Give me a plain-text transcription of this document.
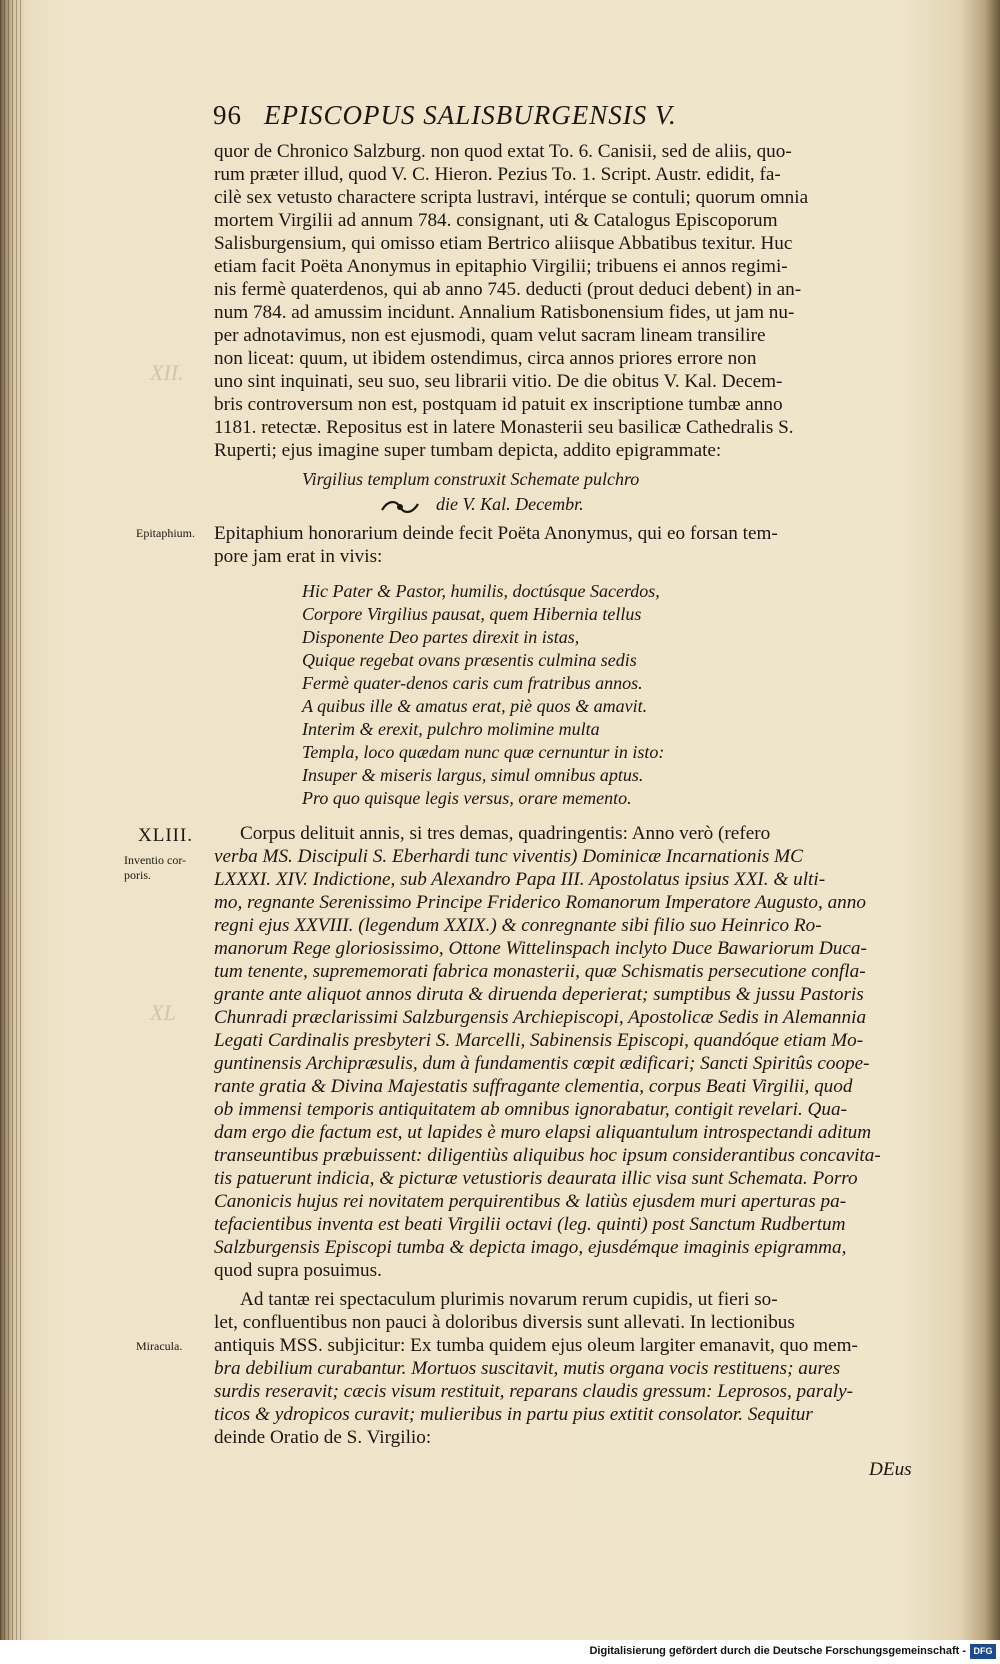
96 EPISCOPUS SALISBURGENSIS V.
XII.
XL
quor de Chronico Salzburg. non quod extat To. 6. Canisii, sed de aliis, quo-
rum præter illud, quod V. C. Hieron. Pezius To. 1. Script. Austr. edidit, fa-
cilè sex vetusto charactere scripta lustravi, intérque se contuli; quorum omnia
mortem Virgilii ad annum 784. consignant, uti & Catalogus Episcoporum
Salisburgensium, qui omisso etiam Bertrico aliisque Abbatibus texitur. Huc
etiam facit Poëta Anonymus in epitaphio Virgilii; tribuens ei annos regimi-
nis fermè quaterdenos, qui ab anno 745. deducti (prout deduci debent) in an-
num 784. ad amussim incidunt. Annalium Ratisbonensium fides, ut jam nu-
per adnotavimus, non est ejusmodi, quam velut sacram lineam transilire
non liceat: quum, ut ibidem ostendimus, circa annos priores errore non
uno sint inquinati, seu suo, seu librarii vitio. De die obitus V. Kal. Decem-
bris controversum non est, postquam id patuit ex inscriptione tumbæ anno
1181. retectæ. Repositus est in latere Monasterii seu basilicæ Cathedralis S.
Ruperti; ejus imagine super tumbam depicta, addito epigrammate:
Virgilius templum construxit Schemate pulchro
die V. Kal. Decembr.
Epitaphium. Epitaphium honorarium deinde fecit Poëta Anonymus, qui eo forsan tem-
pore jam erat in vivis:
Hic Pater & Pastor, humilis, doctúsque Sacerdos,
Corpore Virgilius pausat, quem Hibernia tellus
Disponente Deo partes direxit in istas,
Quique regebat ovans præsentis culmina sedis
Fermè quater-denos caris cum fratribus annos.
A quibus ille & amatus erat, piè quos & amavit.
Interim & erexit, pulchro molimine multa
Templa, loco quædam nunc quæ cernuntur in isto:
Insuper & miseris largus, simul omnibus aptus.
Pro quo quisque legis versus, orare memento.
XLIII.
Inventio cor-
poris.
Corpus delituit annis, si tres demas, quadringentis: Anno verò (refero
verba MS. Discipuli S. Eberhardi tunc viventis) Dominicæ Incarnationis MC
LXXXI. XIV. Indictione, sub Alexandro Papa III. Apostolatus ipsius XXI. & ulti-
mo, regnante Serenissimo Principe Friderico Romanorum Imperatore Augusto, anno
regni ejus XXVIII. (legendum XXIX.) & conregnante sibi filio suo Heinrico Ro-
manorum Rege gloriosissimo, Ottone Wittelinspach inclyto Duce Bawariorum Duca-
tum tenente, suprememorati fabrica monasterii, quæ Schismatis persecutione confla-
grante ante aliquot annos diruta & diruenda deperierat; sumptibus & jussu Pastoris
Chunradi præclarissimi Salzburgensis Archiepiscopi, Apostolicæ Sedis in Alemannia
Legati Cardinalis presbyteri S. Marcelli, Sabinensis Episcopi, quandóque etiam Mo-
guntinensis Archipræsulis, dum à fundamentis cœpit ædificari; Sancti Spiritûs coope-
rante gratia & Divina Majestatis suffragante clementia, corpus Beati Virgilii, quod
ob immensi temporis antiquitatem ab omnibus ignorabatur, contigit revelari. Qua-
dam ergo die factum est, ut lapides è muro elapsi aliquantulum introspectandi aditum
transeuntibus præbuissent: diligentiùs aliquibus hoc ipsum considerantibus concavita-
tis patuerunt indicia, & picturæ vetustioris deaurata illic visa sunt Schemata. Porro
Canonicis hujus rei novitatem perquirentibus & latiùs ejusdem muri aperturas pa-
tefacientibus inventa est beati Virgilii octavi (leg. quinti) post Sanctum Rudbertum
Salzburgensis Episcopi tumba & depicta imago, ejusdémque imaginis epigramma,
quod supra posuimus.
Ad tantæ rei spectaculum plurimis novarum rerum cupidis, ut fieri so-
let, confluentibus non pauci à doloribus diversis sunt allevati. In lectionibus
antiquis MSS. subjicitur: Ex tumba quidem ejus oleum largiter emanavit, quo mem-
bra debilium curabantur. Mortuos suscitavit, mutis organa vocis restituens; aures
surdis reseravit; cæcis visum restituit, reparans claudis gressum: Leprosos, paraly-
ticos & ydropicos curavit; mulieribus in partu pius extitit consolator. Sequitur
deinde Oratio de S. Virgilio:
Miracula.
DEus
Digitalisierung gefördert durch die Deutsche Forschungsgemeinschaft - DFG
